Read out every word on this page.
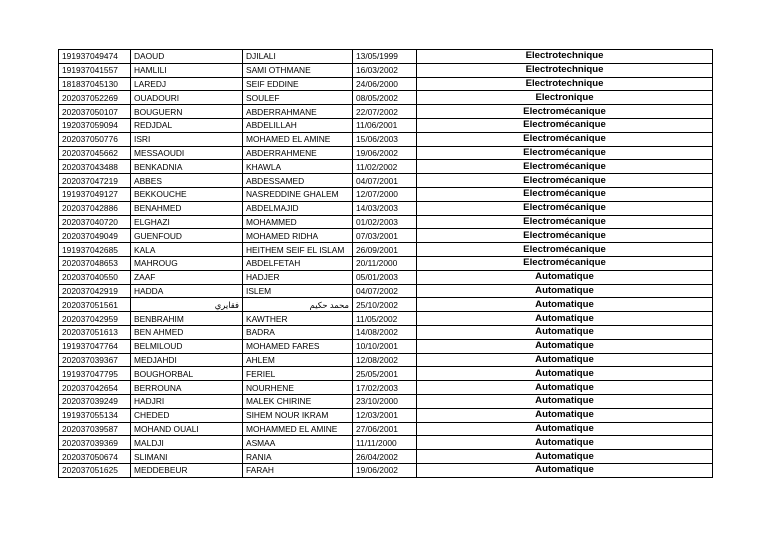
191937049474	DAOUD	DJILALI	13/05/1999	Electrotechnique
191937041557	HAMLILI	SAMI OTHMANE	16/03/2002	Electrotechnique
181837045130	LAREDJ	SEIF EDDINE	24/06/2000	Electrotechnique
202037052269	OUADOURI	SOULEF	08/05/2002	Electronique
202037050107	BOUGUERN	ABDERRAHMANE	22/07/2002	Electromécanique
192037059094	REDJDAL	ABDELILLAH	11/06/2001	Electromécanique
202037050776	ISRI	MOHAMED EL AMINE	15/06/2003	Electromécanique
202037045662	MESSAOUDI	ABDERRAHMENE	19/06/2002	Electromécanique
202037043488	BENKADNIA	KHAWLA	11/02/2002	Electromécanique
202037047219	ABBES	ABDESSAMED	04/07/2001	Electromécanique
191937049127	BEKKOUCHE	NASREDDINE GHALEM	12/07/2000	Electromécanique
202037042886	BENAHMED	ABDELMAJID	14/03/2003	Electromécanique
202037040720	ELGHAZI	MOHAMMED	01/02/2003	Electromécanique
202037049049	GUENFOUD	MOHAMED RIDHA	07/03/2001	Electromécanique
191937042685	KALA	HEITHEM SEIF EL ISLAM	26/09/2001	Electromécanique
202037048653	MAHROUG	ABDELFETAH	20/11/2000	Electromécanique
202037040550	ZAAF	HADJER	05/01/2003	Automatique
202037042919	HADDA	ISLEM	04/07/2002	Automatique
202037051561	فقايري	محمد حكيم	25/10/2002	Automatique
202037042959	BENBRAHIM	KAWTHER	11/05/2002	Automatique
202037051613	BEN AHMED	BADRA	14/08/2002	Automatique
191937047764	BELMILOUD	MOHAMED FARES	10/10/2001	Automatique
202037039367	MEDJAHDI	AHLEM	12/08/2002	Automatique
191937047795	BOUGHORBAL	FERIEL	25/05/2001	Automatique
202037042654	BERROUNA	NOURHENE	17/02/2003	Automatique
202037039249	HADJRI	MALEK CHIRINE	23/10/2000	Automatique
191937055134	CHEDED	SIHEM NOUR IKRAM	12/03/2001	Automatique
202037039587	MOHAND OUALI	MOHAMMED EL AMINE	27/06/2001	Automatique
202037039369	MALDJI	ASMAA	11/11/2000	Automatique
202037050674	SLIMANI	RANIA	26/04/2002	Automatique
202037051625	MEDDEBEUR	FARAH	19/06/2002	Automatique
